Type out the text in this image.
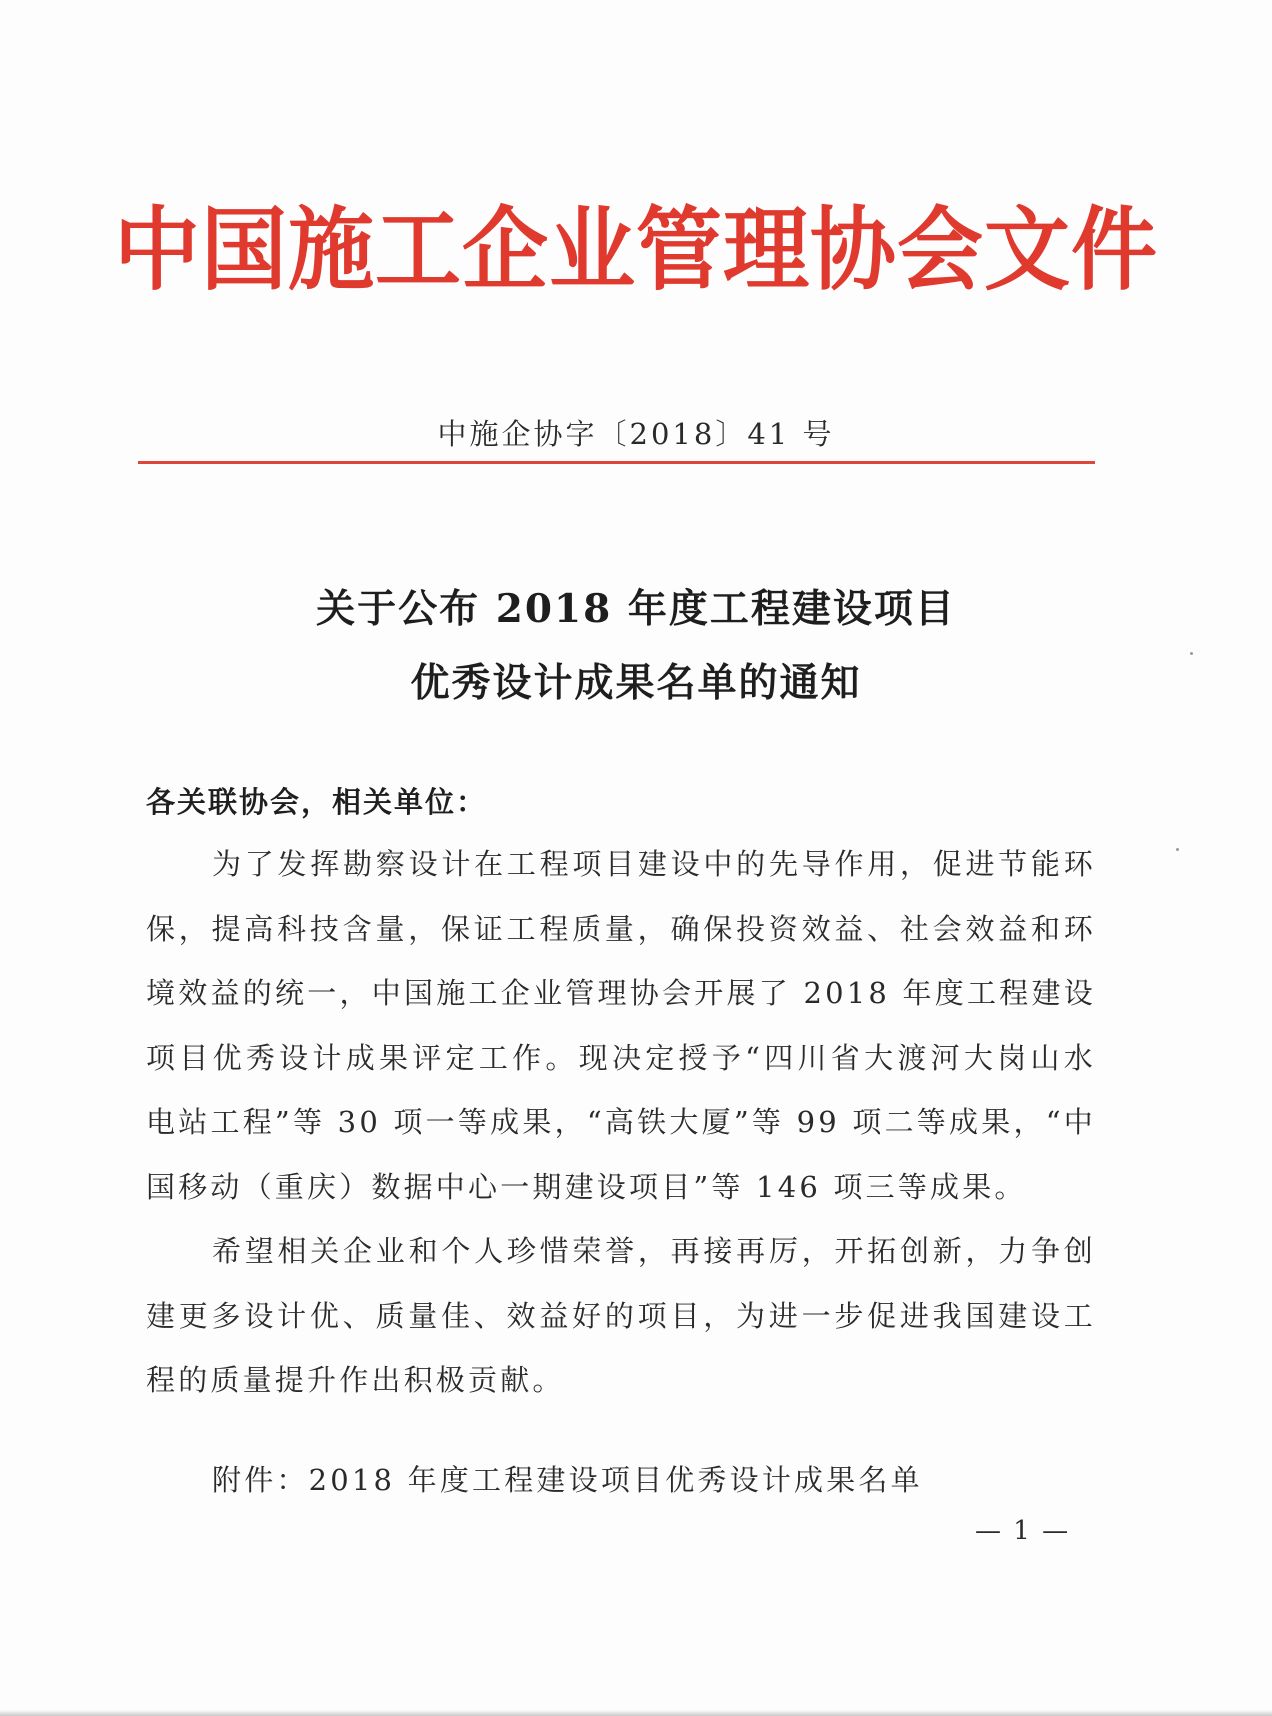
中国施工企业管理协会文件
中施企协字〔2018〕41 号
关于公布 2018 年度工程建设项目
优秀设计成果名单的通知
各关联协会，相关单位：
为了发挥勘察设计在工程项目建设中的先导作用，促进节能环保，提高科技含量，保证工程质量，确保投资效益、社会效益和环境效益的统一，中国施工企业管理协会开展了 2018 年度工程建设项目优秀设计成果评定工作。现决定授予“四川省大渡河大岗山水电站工程”等 30 项一等成果，“高铁大厦”等 99 项二等成果，“中国移动（重庆）数据中心一期建设项目”等 146 项三等成果。
希望相关企业和个人珍惜荣誉，再接再厉，开拓创新，力争创建更多设计优、质量佳、效益好的项目，为进一步促进我国建设工程的质量提升作出积极贡献。
附件：2018 年度工程建设项目优秀设计成果名单
— 1 —
